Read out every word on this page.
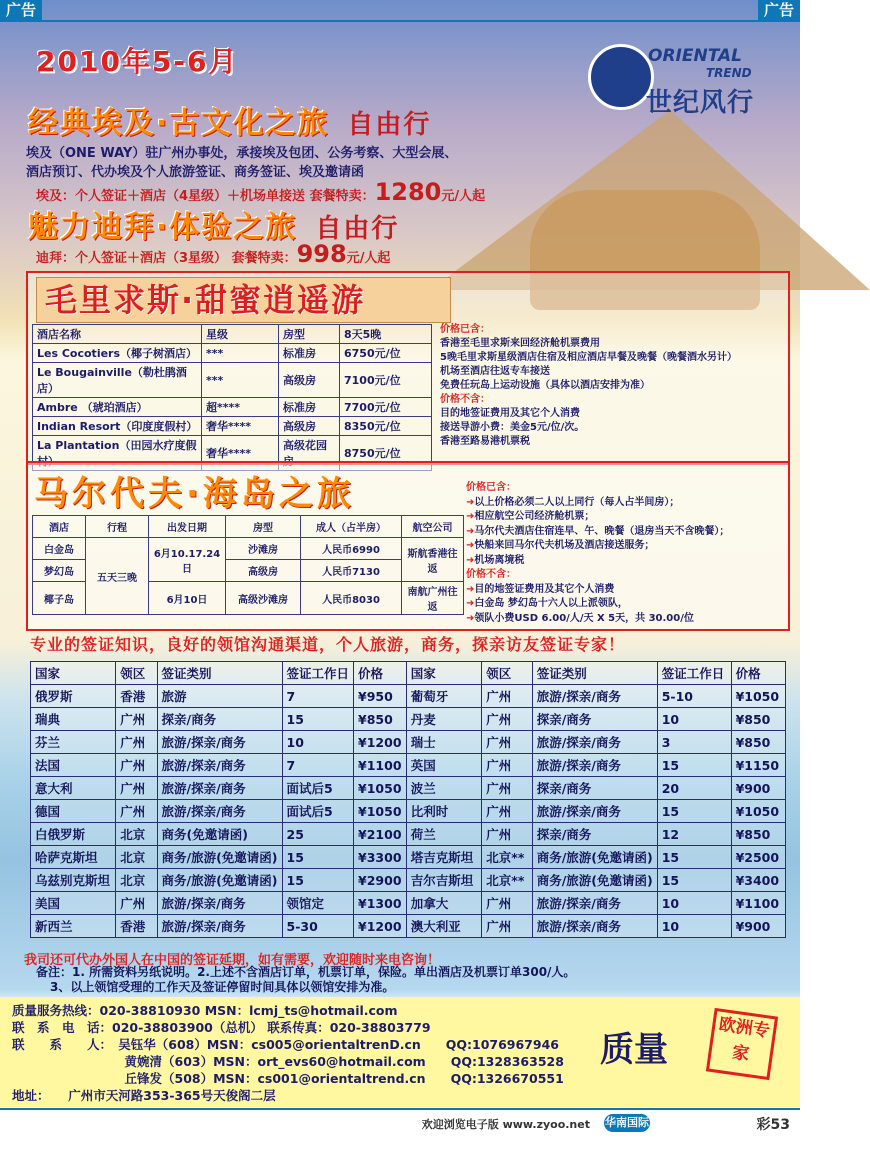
广告	广告
2010年5-6月	ORIENTAL
TREND
世纪风行
经典埃及·古文化之旅 自由行
埃及（ONE WAY）驻广州办事处，承接埃及包团、公务考察、大型会展、
酒店预订、代办埃及个人旅游签证、商务签证、埃及邀请函
埃及：个人签证＋酒店（4星级）＋机场单接送 套餐特卖：1280元/人起
魅力迪拜·体验之旅 自由行
迪拜：个人签证＋酒店（3星级） 套餐特卖：998元/人起
毛里求斯·甜蜜逍遥游
酒店名称	星级	房型	8天5晚
Les Cocotiers（椰子树酒店）	***	标准房	6750元/位
Le Bougainville（勒杜鹃酒店）	***	高级房	7100元/位
Ambre （琥珀酒店）	超****	标准房	7700元/位
Indian Resort（印度度假村）	奢华****	高级房	8350元/位
La Plantation（田园水疗度假	奢华****	高级花园	8750元/位
价格已含：
香港至毛里求斯来回经济舱机票费用
5晚毛里求斯星级酒店住宿及相应酒店早餐及晚餐（晚餐酒水另计）
机场至酒店往返专车接送
免费任玩岛上运动设施（具体以酒店安排为准）
价格不含：
目的地签证费用及其它个人消费
接送导游小费：美金5元/位/次。
香港至路易港机票税
马尔代夫·海岛之旅
酒店	行程	出发日期	房型	成人（占半房）	航空公司
白金岛	五天三晚	6月10.17.24日	沙滩房	人民币6990	斯航香港往返
梦幻岛			高级房	人民币7130	
椰子岛		6月10日	高级沙滩房	人民币8030	南航广州往返
价格已含：
➜以上价格必须二人以上同行（每人占半间房）；
➜相应航空公司经济舱机票；
➜马尔代夫酒店住宿连早、午、晚餐（退房当天不含晚餐）；
➜快船来回马尔代夫机场及酒店接送服务；
➜机场离境税
价格不含：
➜目的地签证费用及其它个人消费
➜白金岛 梦幻岛十六人以上派领队，
➜领队小费USD 6.00/人/天 X 5天，共 30.00/位
专业的签证知识，良好的领馆沟通渠道，个人旅游，商务，探亲访友签证专家！
国家	领区	签证类别	签证工作日	价格	国家	领区	签证类别	签证工作日	价格
俄罗斯	香港	旅游	7	¥950	葡萄牙	广州	旅游/探亲/商务	5-10	¥1050
瑞典	广州	探亲/商务	15	¥850	丹麦	广州	探亲/商务	10	¥850
芬兰	广州	旅游/探亲/商务	10	¥1200	瑞士	广州	旅游/探亲/商务	3	¥850
法国	广州	旅游/探亲/商务	7	¥1100	英国	广州	旅游/探亲/商务	15	¥1150
意大利	广州	旅游/探亲/商务	面试后5	¥1050	波兰	广州	探亲/商务	20	¥900
德国	广州	旅游/探亲/商务	面试后5	¥1050	比利时	广州	旅游/探亲/商务	15	¥1050
白俄罗斯	北京	商务(免邀请函)	25	¥2100	荷兰	广州	探亲/商务	12	¥850
哈萨克斯坦	北京	商务/旅游(免邀请函)	15	¥3300	塔吉克斯坦	北京**	商务/旅游(免邀请函)	15	¥2500
乌兹别克斯坦	北京	商务/旅游(免邀请函)	15	¥2900	吉尔吉斯坦	北京**	商务/旅游(免邀请函)	15	¥3400
美国	广州	旅游/探亲/商务	领馆定	¥1300	加拿大	广州	旅游/探亲/商务	10	¥1100
新西兰	香港	旅游/探亲/商务	5-30	¥1200	澳大利亚	广州	旅游/探亲/商务	10	¥900
我司还可代办外国人在中国的签证延期，如有需要，欢迎随时来电咨询！
备注：1. 所需资料另纸说明。2.上述不含酒店订单，机票订单，保险。单出酒店及机票订单300/人。
3、以上领馆受理的工作天及签证停留时间具体以领馆安排为准。
质量服务热线：020-38810930 MSN：lcmj_ts@hotmail.com
联　系　电　话：020-38803900（总机） 联系传真：020-38803779
联　　系　　人：　吴钰华（608）MSN：cs005@orientaltrenD.cn　　QQ:1076967946
　　　　　　　　　黄婉清（603）MSN：ort_evs60@hotmail.com　　QQ:1328363528
　　　　　　　　　丘锋发（508）MSN：cs001@orientaltrend.cn　　QQ:1326670551
地址：　　广州市天河路353-365号天俊阁二层
质量
欧洲专家
欢迎浏览电子版 www.zyoo.net 华南国际版
彩53
